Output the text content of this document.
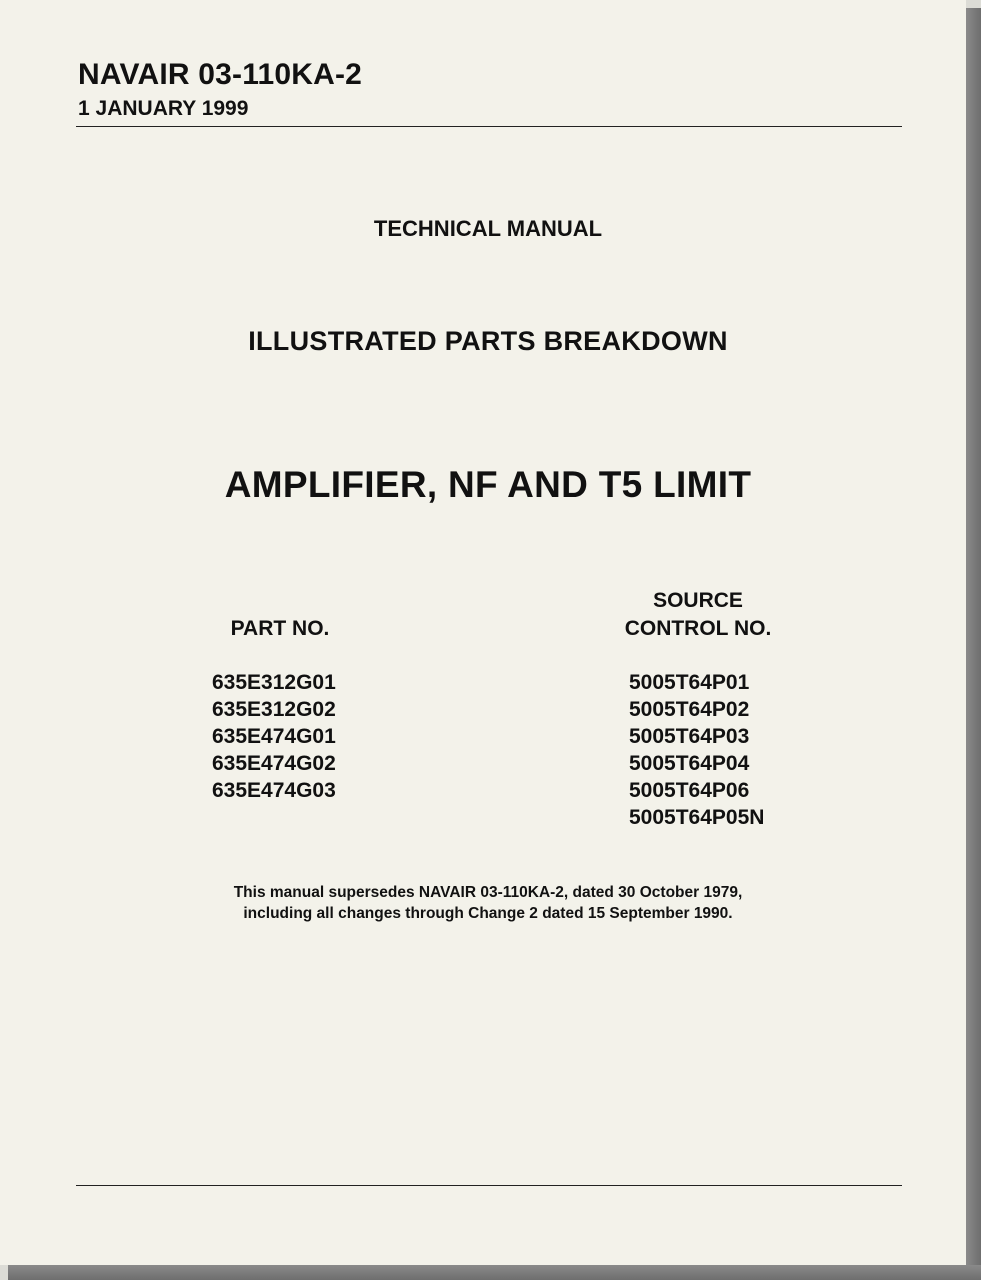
NAVAIR 03-110KA-2
1 JANUARY 1999
TECHNICAL MANUAL
ILLUSTRATED PARTS BREAKDOWN
AMPLIFIER, NF AND T5 LIMIT
PART NO.
SOURCE
CONTROL NO.
635E312G01
635E312G02
635E474G01
635E474G02
635E474G03
5005T64P01
5005T64P02
5005T64P03
5005T64P04
5005T64P06
5005T64P05N
This manual supersedes NAVAIR 03-110KA-2, dated 30 October 1979,
including all changes through Change 2 dated 15 September 1990.
